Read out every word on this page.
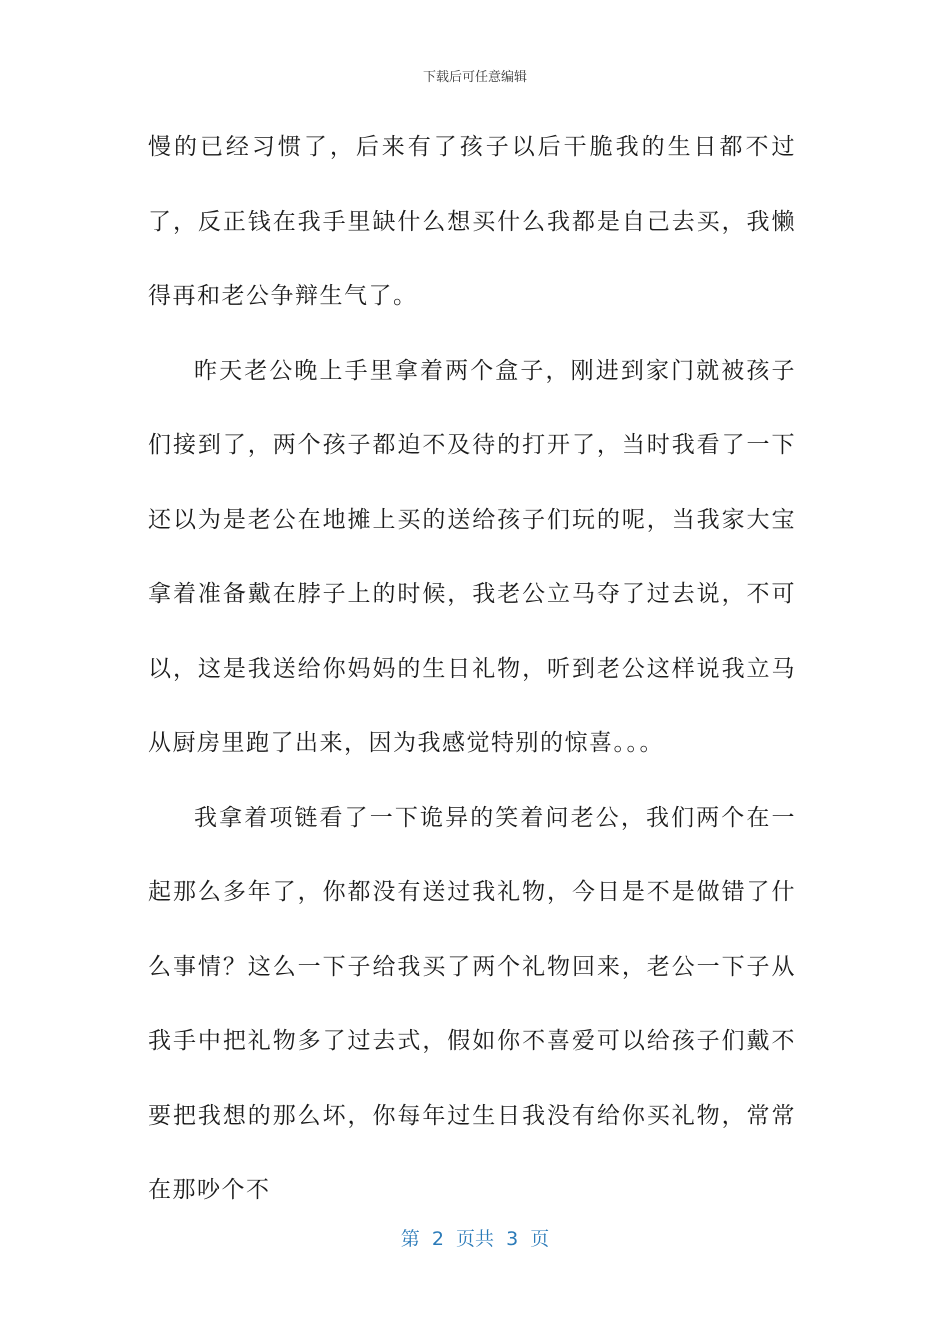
下载后可任意编辑

慢的已经习惯了，后来有了孩子以后干脆我的生日都不过了，反正钱在我手里缺什么想买什么我都是自己去买，我懒得再和老公争辩生气了。

昨天老公晚上手里拿着两个盒子，刚进到家门就被孩子们接到了，两个孩子都迫不及待的打开了，当时我看了一下还以为是老公在地摊上买的送给孩子们玩的呢，当我家大宝拿着准备戴在脖子上的时候，我老公立马夺了过去说，不可以，这是我送给你妈妈的生日礼物，听到老公这样说我立马从厨房里跑了出来，因为我感觉特别的惊喜。。。

我拿着项链看了一下诡异的笑着问老公，我们两个在一起那么多年了，你都没有送过我礼物，今日是不是做错了什么事情？这么一下子给我买了两个礼物回来，老公一下子从我手中把礼物多了过去式，假如你不喜爱可以给孩子们戴不要把我想的那么坏，你每年过生日我没有给你买礼物，常常在那吵个不

第  2  页共  3  页
